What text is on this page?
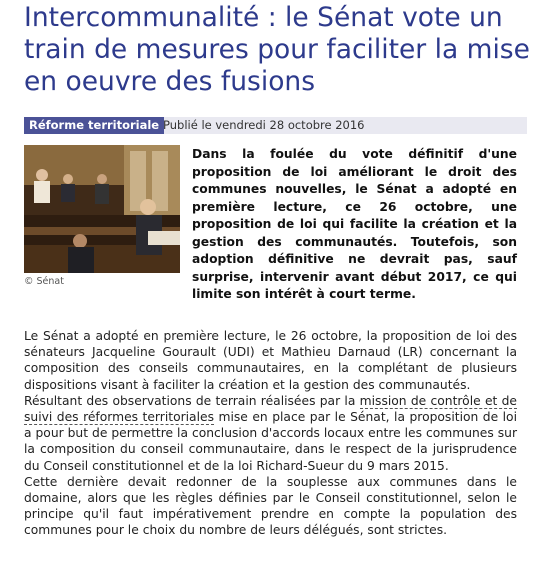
Intercommunalité : le Sénat vote un train de mesures pour faciliter la mise en oeuvre des fusions
Réforme territoriale Publié le vendredi 28 octobre 2016
© Sénat

Dans la foulée du vote définitif d'une proposition de loi améliorant le droit des communes nouvelles, le Sénat a adopté en première lecture, ce 26 octobre, une proposition de loi qui facilite la création et la gestion des communautés. Toutefois, son adoption définitive ne devrait pas, sauf surprise, intervenir avant début 2017, ce qui limite son intérêt à court terme.

Le Sénat a adopté en première lecture, le 26 octobre, la proposition de loi des sénateurs Jacqueline Gourault (UDI) et Mathieu Darnaud (LR) concernant la composition des conseils communautaires, en la complétant de plusieurs dispositions visant à faciliter la création et la gestion des communautés.

Résultant des observations de terrain réalisées par la mission de contrôle et de suivi des réformes territoriales mise en place par le Sénat, la proposition de loi a pour but de permettre la conclusion d'accords locaux entre les communes sur la composition du conseil communautaire, dans le respect de la jurisprudence du Conseil constitutionnel et de la loi Richard-Sueur du 9 mars 2015.

Cette dernière devait redonner de la souplesse aux communes dans le domaine, alors que les règles définies par le Conseil constitutionnel, selon le principe qu'il faut impérativement prendre en compte la population des communes pour le choix du nombre de leurs délégués, sont strictes.
